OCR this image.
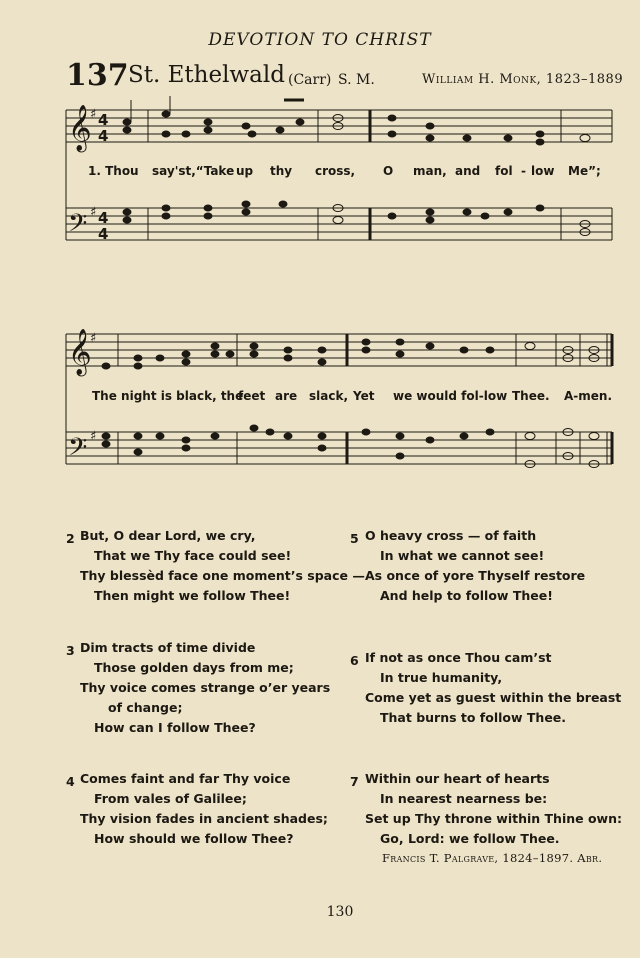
DEVOTION TO CHRIST
137 St. Ethelwald (Carr) S. M.	William H. Monk, 1823–1889
𝄞
𝄢
♯
♯
4
4
4
4
1. Thou say'st,“Take up thy cross, O man, and fol - low Me”;
𝄞
𝄢
♯
♯
The night is black, the
feet are slack, Yet we would fol-low Thee. A-men.
2 But, O dear Lord, we cry,
That we Thy face could see!
Thy blessèd face one moment’s space —
Then might we follow Thee!
3 Dim tracts of time divide
Those golden days from me;
Thy voice comes strange o’er years
of change;
How can I follow Thee?
4 Comes faint and far Thy voice
From vales of Galilee;
Thy vision fades in ancient shades;
How should we follow Thee?
5 O heavy cross — of faith
In what we cannot see!
As once of yore Thyself restore
And help to follow Thee!
6 If not as once Thou cam’st
In true humanity,
Come yet as guest within the breast
That burns to follow Thee.
7 Within our heart of hearts
In nearest nearness be:
Set up Thy throne within Thine own:
Go, Lord: we follow Thee.
Francis T. Palgrave, 1824–1897. Abr.
130
